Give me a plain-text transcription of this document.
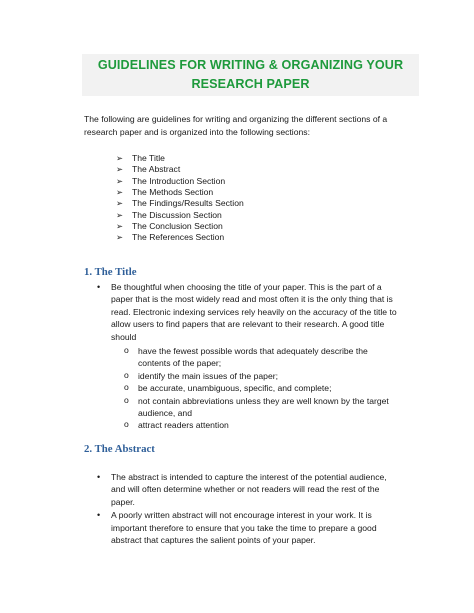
GUIDELINES FOR WRITING & ORGANIZING YOUR
RESEARCH PAPER

The following are guidelines for writing and organizing the different sections of a research paper and is organized into the following sections:

➢ The Title
➢ The Abstract
➢ The Introduction Section
➢ The Methods Section
➢ The Findings/Results Section
➢ The Discussion Section
➢ The Conclusion Section
➢ The References Section
1. The Title
• Be thoughtful when choosing the title of your paper. This is the part of a paper that is the most widely read and most often it is the only thing that is read. Electronic indexing services rely heavily on the accuracy of the title to allow users to find papers that are relevant to their research. A good title should
o have the fewest possible words that adequately describe the contents of the paper;
o identify the main issues of the paper;
o be accurate, unambiguous, specific, and complete;
o not contain abbreviations unless they are well known by the target audience, and
o attract readers attention
2. The Abstract
• The abstract is intended to capture the interest of the potential audience, and will often determine whether or not readers will read the rest of the paper.
• A poorly written abstract will not encourage interest in your work. It is important therefore to ensure that you take the time to prepare a good abstract that captures the salient points of your paper.
